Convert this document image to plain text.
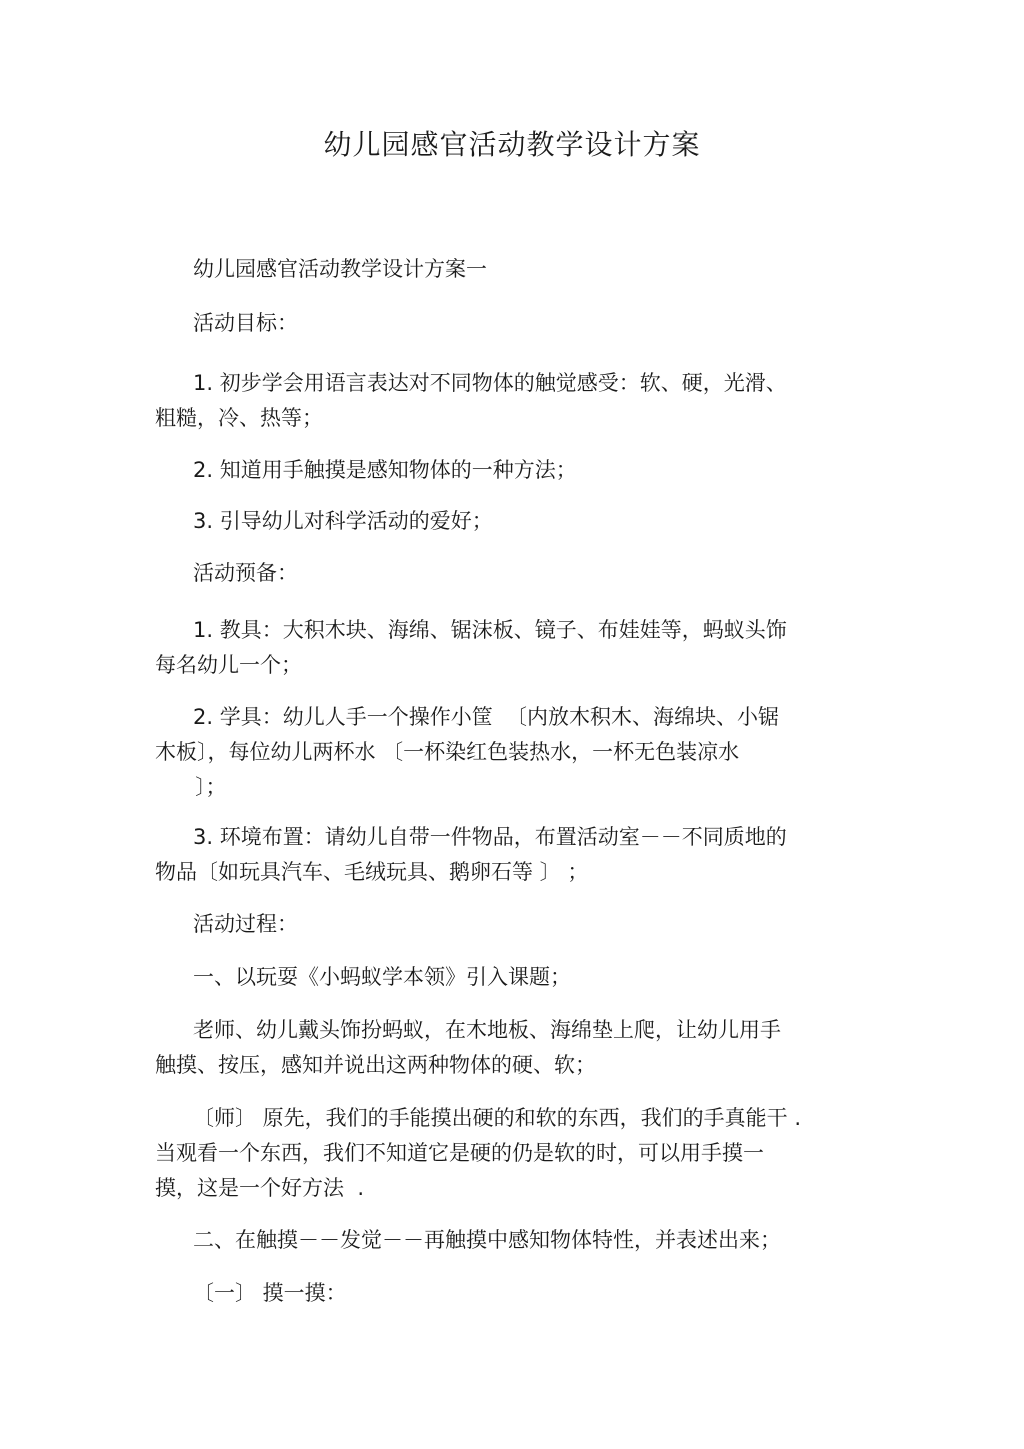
幼儿园感官活动教学设计方案

幼儿园感官活动教学设计方案一

活动目标：

1. 初步学会用语言表达对不同物体的触觉感受：软、硬，光滑、
粗糙，冷、热等；

2. 知道用手触摸是感知物体的一种方法；

3. 引导幼儿对科学活动的爱好；

活动预备：

1. 教具：大积木块、海绵、锯沫板、镜子、布娃娃等，蚂蚁头饰
每名幼儿一个；

2. 学具：幼儿人手一个操作小筐  〔内放木积木、海绵块、小锯
木板〕，每位幼儿两杯水 〔一杯染红色装热水，一杯无色装凉水
〕；

3. 环境布置：请幼儿自带一件物品，布置活动室－－不同质地的
物品〔如玩具汽车、毛绒玩具、鹅卵石等 〕 ；

活动过程：

一、以玩耍《小蚂蚁学本领》引入课题；

老师、幼儿戴头饰扮蚂蚁，在木地板、海绵垫上爬，让幼儿用手
触摸、按压，感知并说出这两种物体的硬、软；

〔师〕 原先，我们的手能摸出硬的和软的东西，我们的手真能干 .
当观看一个东西，我们不知道它是硬的仍是软的时，可以用手摸一
摸，这是一个好方法  .

二、在触摸－－发觉－－再触摸中感知物体特性，并表述出来；

〔一〕 摸一摸：
